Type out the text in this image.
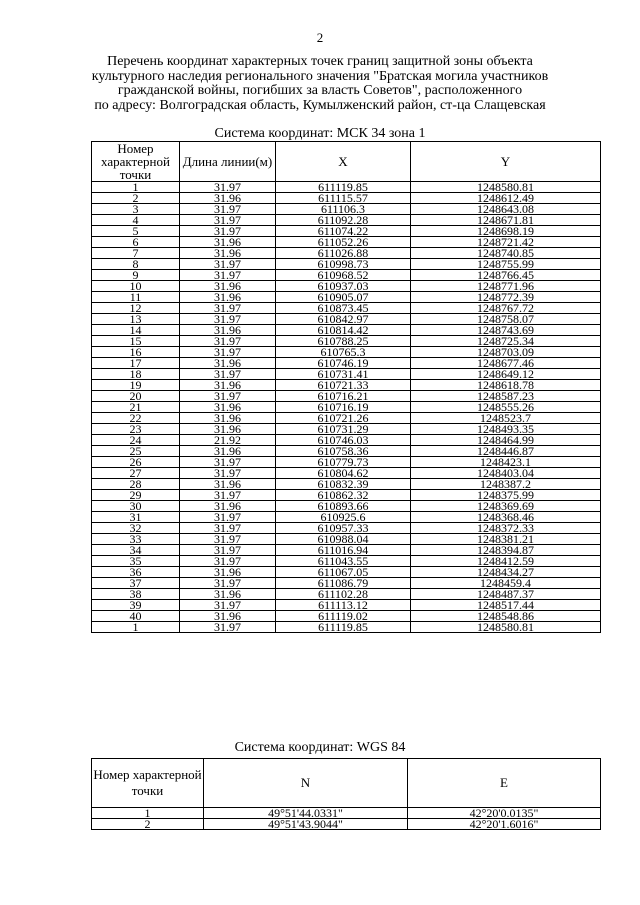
2
Перечень координат характерных точек границ защитной зоны объекта
культурного наследия регионального значения "Братская могила участников
гражданской войны, погибших за власть Советов", расположенного
по адресу: Волгоградская область, Кумылженский район, ст-ца Слащевская
Система координат: МСК 34 зона 1
Номер характерной точки	Длина линии(м)	X	Y
1	31.97	611119.85	1248580.81
2	31.96	611115.57	1248612.49
3	31.97	611106.3	1248643.08
4	31.97	611092.28	1248671.81
5	31.97	611074.22	1248698.19
6	31.96	611052.26	1248721.42
7	31.96	611026.88	1248740.85
8	31.97	610998.73	1248755.99
9	31.97	610968.52	1248766.45
10	31.96	610937.03	1248771.96
11	31.96	610905.07	1248772.39
12	31.97	610873.45	1248767.72
13	31.97	610842.97	1248758.07
14	31.96	610814.42	1248743.69
15	31.97	610788.25	1248725.34
16	31.97	610765.3	1248703.09
17	31.96	610746.19	1248677.46
18	31.97	610731.41	1248649.12
19	31.96	610721.33	1248618.78
20	31.97	610716.21	1248587.23
21	31.96	610716.19	1248555.26
22	31.96	610721.26	1248523.7
23	31.96	610731.29	1248493.35
24	21.92	610746.03	1248464.99
25	31.96	610758.36	1248446.87
26	31.97	610779.73	1248423.1
27	31.97	610804.62	1248403.04
28	31.96	610832.39	1248387.2
29	31.97	610862.32	1248375.99
30	31.96	610893.66	1248369.69
31	31.97	610925.6	1248368.46
32	31.97	610957.33	1248372.33
33	31.97	610988.04	1248381.21
34	31.97	611016.94	1248394.87
35	31.97	611043.55	1248412.59
36	31.96	611067.05	1248434.27
37	31.97	611086.79	1248459.4
38	31.96	611102.28	1248487.37
39	31.97	611113.12	1248517.44
40	31.96	611119.02	1248548.86
1	31.97	611119.85	1248580.81
Система координат: WGS 84
Номер характерной точки	N	E
1	49°51'44.0331"	42°20'0.0135"
2	49°51'43.9044"	42°20'1.6016"
